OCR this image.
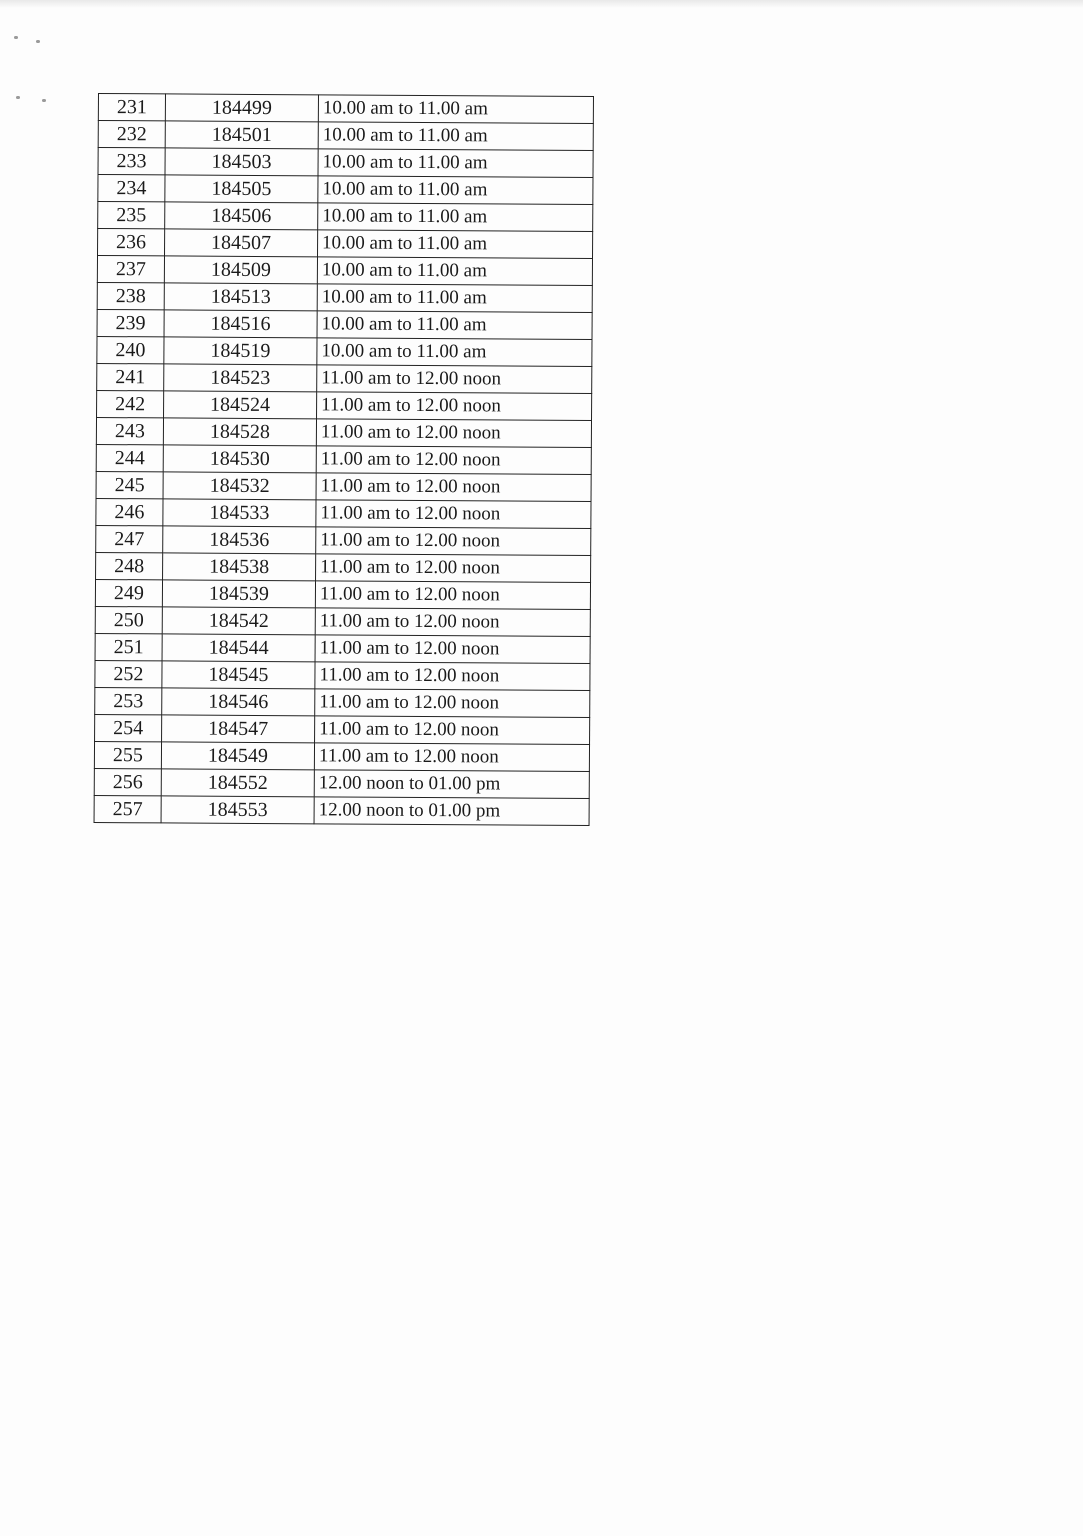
231	184499	10.00 am to 11.00 am
232	184501	10.00 am to 11.00 am
233	184503	10.00 am to 11.00 am
234	184505	10.00 am to 11.00 am
235	184506	10.00 am to 11.00 am
236	184507	10.00 am to 11.00 am
237	184509	10.00 am to 11.00 am
238	184513	10.00 am to 11.00 am
239	184516	10.00 am to 11.00 am
240	184519	10.00 am to 11.00 am
241	184523	11.00 am to 12.00 noon
242	184524	11.00 am to 12.00 noon
243	184528	11.00 am to 12.00 noon
244	184530	11.00 am to 12.00 noon
245	184532	11.00 am to 12.00 noon
246	184533	11.00 am to 12.00 noon
247	184536	11.00 am to 12.00 noon
248	184538	11.00 am to 12.00 noon
249	184539	11.00 am to 12.00 noon
250	184542	11.00 am to 12.00 noon
251	184544	11.00 am to 12.00 noon
252	184545	11.00 am to 12.00 noon
253	184546	11.00 am to 12.00 noon
254	184547	11.00 am to 12.00 noon
255	184549	11.00 am to 12.00 noon
256	184552	12.00 noon to 01.00 pm
257	184553	12.00 noon to 01.00 pm
